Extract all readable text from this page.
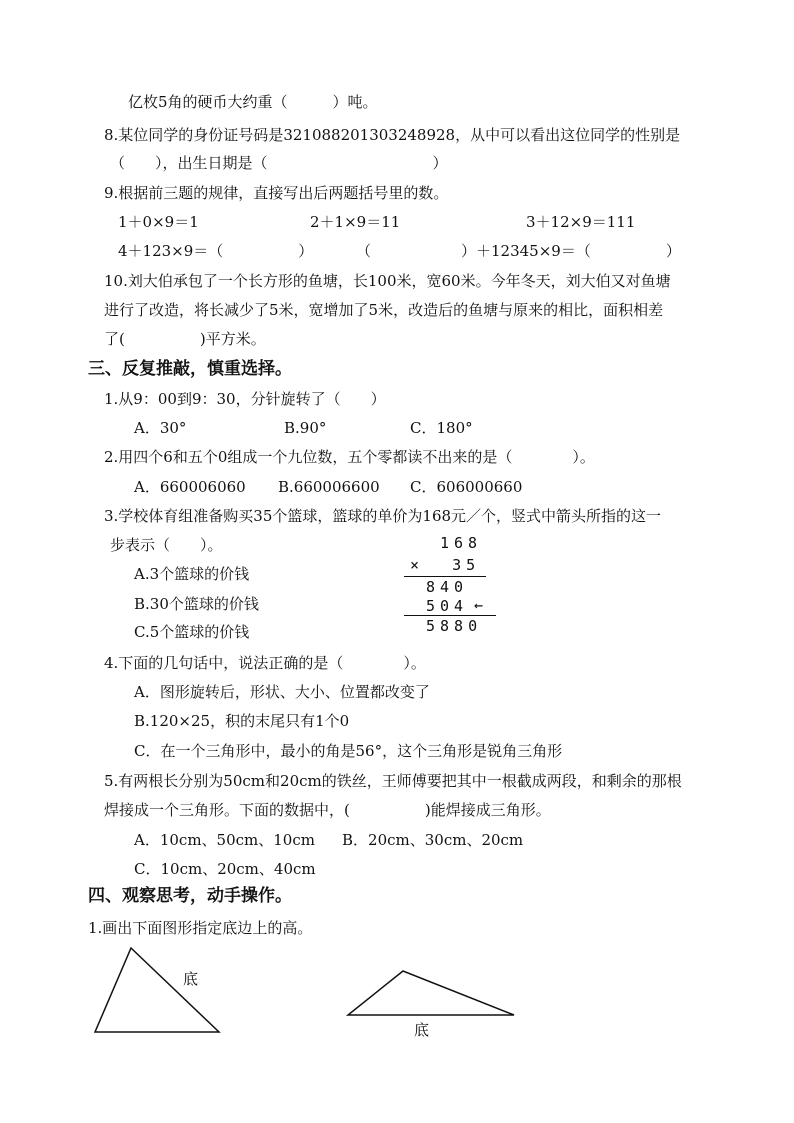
亿枚5角的硬币大约重（　　　）吨。
8.某位同学的身份证号码是321088201303248928，从中可以看出这位同学的性别是
（　　），出生日期是（　　　　　　　　　　　）
9.根据前三题的规律，直接写出后两题括号里的数。
1＋0×9＝1	2＋1×9＝11	3＋12×9＝111
4＋123×9＝（　　　　　）	（　　　　　　）＋12345×9＝（　　　　　）
10.刘大伯承包了一个长方形的鱼塘，长100米，宽60米。今年冬天，刘大伯又对鱼塘
进行了改造，将长减少了5米，宽增加了5米，改造后的鱼塘与原来的相比，面积相差
了(　　　　　)平方米。
三、反复推敲，慎重选择。
1.从9：00到9：30，分针旋转了（　　）
A．30°	B.90°	C．180°
2.用四个6和五个0组成一个九位数，五个零都读不出来的是（　　　　）。
A．660006060 B.660006600 C．606000660
3.学校体育组准备购买35个篮球，篮球的单价为168元／个，竖式中箭头所指的这一
步表示（　　）。
A.3个篮球的价钱
B.30个篮球的价钱
C.5个篮球的价钱
168
×  35
840
504 ←
5880
4.下面的几句话中，说法正确的是（　　　　）。
A．图形旋转后，形状、大小、位置都改变了
B.120×25，积的末尾只有1个0
C．在一个三角形中，最小的角是56°，这个三角形是锐角三角形
5.有两根长分别为50cm和20cm的铁丝，王师傅要把其中一根截成两段，和剩余的那根
焊接成一个三角形。下面的数据中，(　　　　　)能焊接成三角形。
A．10cm、50cm、10cm B．20cm、30cm、20cm
C．10cm、20cm、40cm
四、观察思考，动手操作。
1.画出下面图形指定底边上的高。
底
底
